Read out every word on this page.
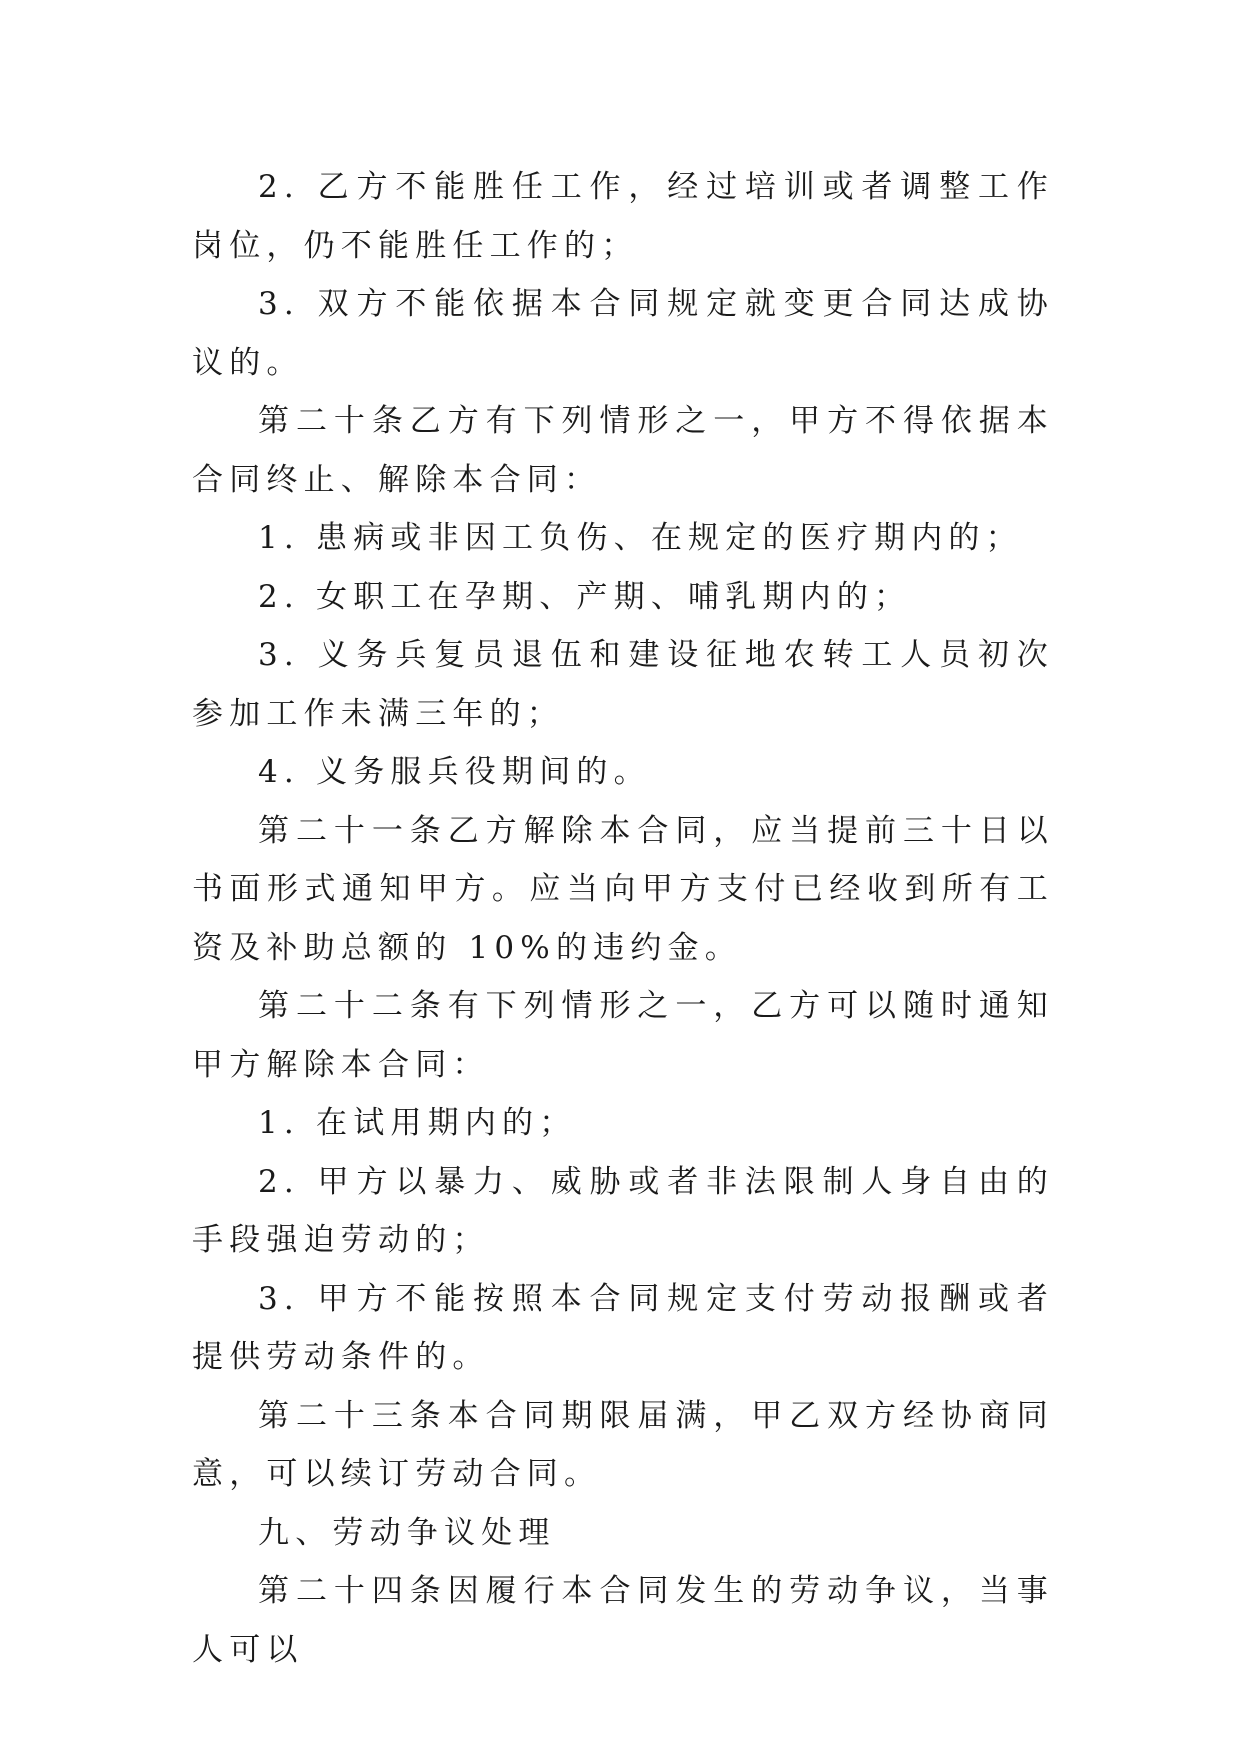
2. 乙方不能胜任工作，经过培训或者调整工作岗位，仍不能胜任工作的；

3. 双方不能依据本合同规定就变更合同达成协议的。

第二十条乙方有下列情形之一，甲方不得依据本合同终止、解除本合同：

1. 患病或非因工负伤、在规定的医疗期内的；

2. 女职工在孕期、产期、哺乳期内的；

3. 义务兵复员退伍和建设征地农转工人员初次参加工作未满三年的；

4. 义务服兵役期间的。

第二十一条乙方解除本合同，应当提前三十日以书面形式通知甲方。应当向甲方支付已经收到所有工资及补助总额的 10%的违约金。

第二十二条有下列情形之一，乙方可以随时通知甲方解除本合同：

1. 在试用期内的；

2. 甲方以暴力、威胁或者非法限制人身自由的手段强迫劳动的；

3. 甲方不能按照本合同规定支付劳动报酬或者提供劳动条件的。

第二十三条本合同期限届满，甲乙双方经协商同意，可以续订劳动合同。

九、劳动争议处理

第二十四条因履行本合同发生的劳动争议，当事人可以
